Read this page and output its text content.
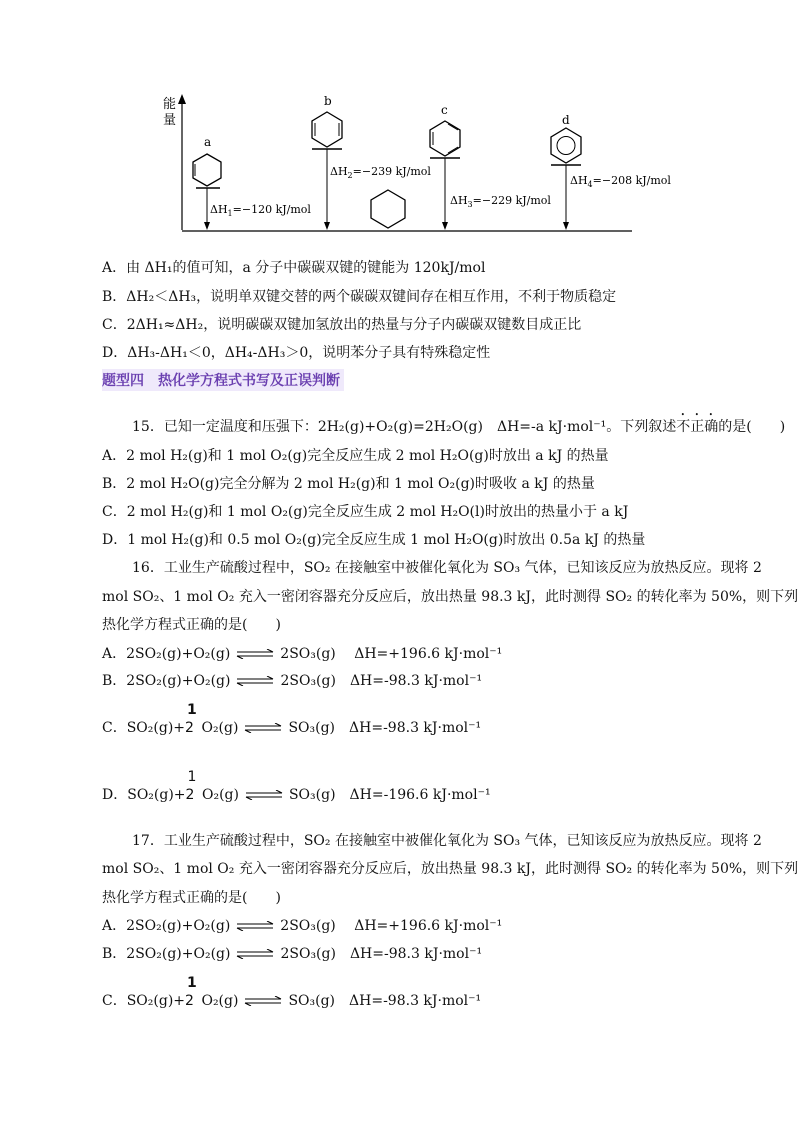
能
量
a
$\Delta H_1=-120$ kJ/mol
b
$\Delta H_2=-239$ kJ/mol
c
$\Delta H_3=-229$ kJ/mol
d
$\Delta H_4=-208$ kJ/mol
A．由 ΔH₁的值可知，a 分子中碳碳双键的键能为 120kJ/mol
B．ΔH₂＜ΔH₃，说明单双键交替的两个碳碳双键间存在相互作用，不利于物质稳定
C．2ΔH₁≈ΔH₂，说明碳碳双键加氢放出的热量与分子内碳碳双键数目成正比
D．ΔH₃-ΔH₁＜0，ΔH₄-ΔH₃＞0，说明苯分子具有特殊稳定性
题型四　热化学方程式书写及正误判断
15．已知一定温度和压强下：2H₂(g)+O₂(g)=2H₂O(g)　ΔH=-a kJ·mol⁻¹。下列叙述不正确的是(　　)
A．2 mol H₂(g)和 1 mol O₂(g)完全反应生成 2 mol H₂O(g)时放出 a kJ 的热量
B．2 mol H₂O(g)完全分解为 2 mol H₂(g)和 1 mol O₂(g)时吸收 a kJ 的热量
C．2 mol H₂(g)和 1 mol O₂(g)完全反应生成 2 mol H₂O(l)时放出的热量小于 a kJ
D．1 mol H₂(g)和 0.5 mol O₂(g)完全反应生成 1 mol H₂O(g)时放出 0.5a kJ 的热量
16．工业生产硫酸过程中，SO₂ 在接触室中被催化氧化为 SO₃ 气体，已知该反应为放热反应。现将 2
mol SO₂、1 mol O₂ 充入一密闭容器充分反应后，放出热量 98.3 kJ，此时测得 SO₂ 的转化率为 50%，则下列
热化学方程式正确的是(　　)
A．2SO₂(g)+O₂(g) ⇌ 2SO₃(g)　 ΔH=+196.6 kJ·mol⁻¹
B．2SO₂(g)+O₂(g) ⇌ 2SO₃(g)　ΔH=-98.3 kJ·mol⁻¹
C．SO₂(g)+
1
2 O₂(g) ⇌ SO₃(g)　ΔH=-98.3 kJ·mol⁻¹
D．SO₂(g)+
1
2 O₂(g) ⇌ SO₃(g)　ΔH=-196.6 kJ·mol⁻¹
17．工业生产硫酸过程中，SO₂ 在接触室中被催化氧化为 SO₃ 气体，已知该反应为放热反应。现将 2
mol SO₂、1 mol O₂ 充入一密闭容器充分反应后，放出热量 98.3 kJ，此时测得 SO₂ 的转化率为 50%，则下列
热化学方程式正确的是(　　)
A．2SO₂(g)+O₂(g) ⇌ 2SO₃(g)　 ΔH=+196.6 kJ·mol⁻¹
B．2SO₂(g)+O₂(g) ⇌ 2SO₃(g)　ΔH=-98.3 kJ·mol⁻¹
C．SO₂(g)+
1
2 O₂(g) ⇌ SO₃(g)　ΔH=-98.3 kJ·mol⁻¹
